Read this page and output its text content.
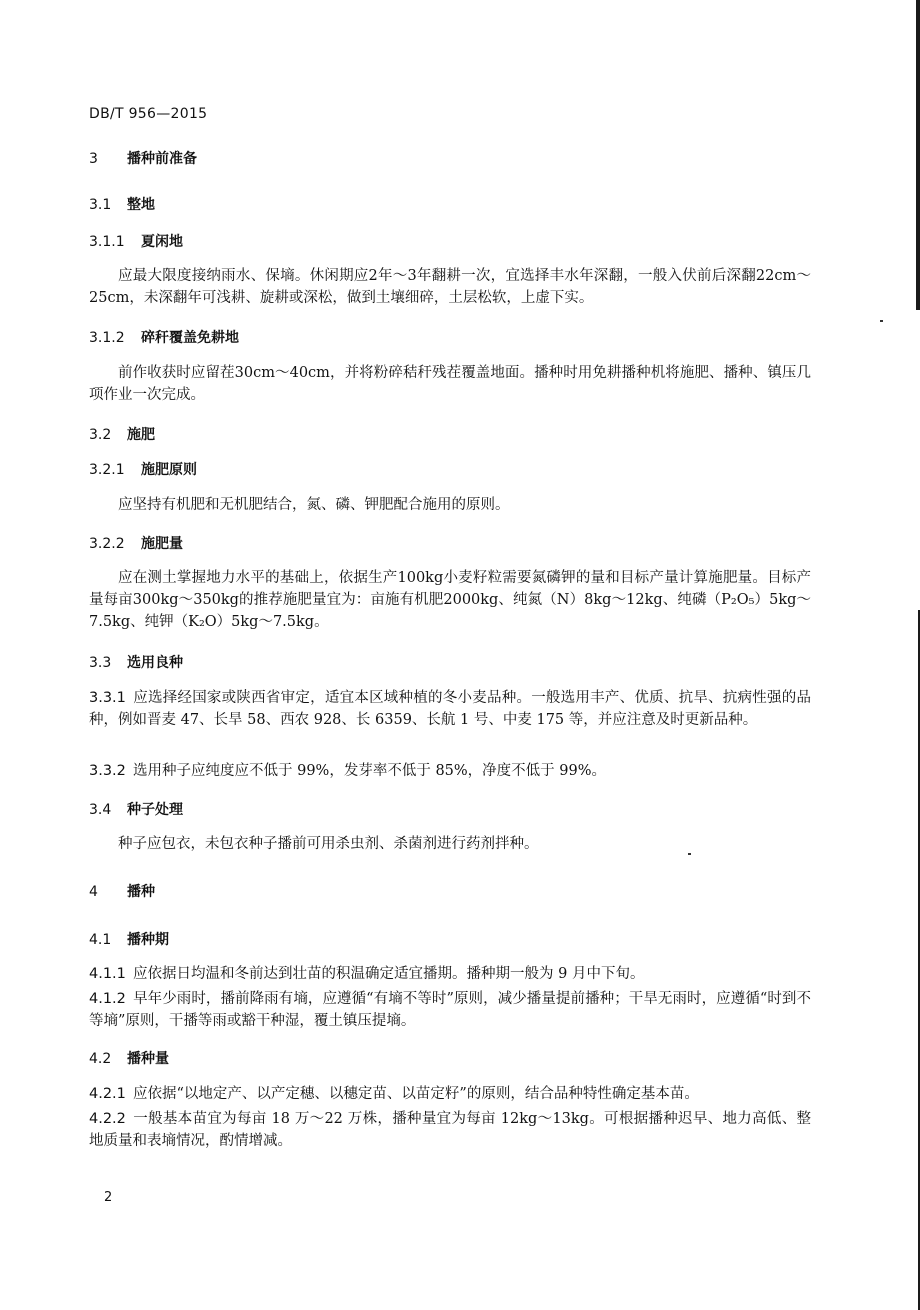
DB/T 956—2015
3 播种前准备
3.1 整地
3.1.1 夏闲地

应最大限度接纳雨水、保墒。休闲期应2年～3年翻耕一次，宜选择丰水年深翻，一般入伏前后深翻22cm～25cm，未深翻年可浅耕、旋耕或深松，做到土壤细碎，土层松软，上虚下实。

3.1.2 碎秆覆盖免耕地

前作收获时应留茬30cm～40cm，并将粉碎秸秆残茬覆盖地面。播种时用免耕播种机将施肥、播种、镇压几项作业一次完成。

3.2 施肥
3.2.1 施肥原则

应坚持有机肥和无机肥结合，氮、磷、钾肥配合施用的原则。

3.2.2 施肥量

应在测土掌握地力水平的基础上，依据生产100kg小麦籽粒需要氮磷钾的量和目标产量计算施肥量。目标产量每亩300kg～350kg的推荐施肥量宜为：亩施有机肥2000kg、纯氮（N）8kg～12kg、纯磷（P₂O₅）5kg～7.5kg、纯钾（K₂O）5kg～7.5kg。

3.3 选用良种

3.3.1 应选择经国家或陕西省审定，适宜本区域种植的冬小麦品种。一般选用丰产、优质、抗旱、抗病性强的品种，例如晋麦 47、长旱 58、西农 928、长 6359、长航 1 号、中麦 175 等，并应注意及时更新品种。

3.3.2 选用种子应纯度应不低于 99%，发芽率不低于 85%，净度不低于 99%。

3.4 种子处理

种子应包衣，未包衣种子播前可用杀虫剂、杀菌剂进行药剂拌种。

4 播种
4.1 播种期

4.1.1 应依据日均温和冬前达到壮苗的积温确定适宜播期。播种期一般为 9 月中下旬。

4.1.2 早年少雨时，播前降雨有墒，应遵循“有墒不等时”原则，减少播量提前播种；干旱无雨时，应遵循“时到不等墒”原则，干播等雨或豁干种湿，覆土镇压提墒。

4.2 播种量

4.2.1 应依据“以地定产、以产定穗、以穗定苗、以苗定籽”的原则，结合品种特性确定基本苗。

4.2.2 一般基本苗宜为每亩 18 万～22 万株，播种量宜为每亩 12kg～13kg。可根据播种迟早、地力高低、整地质量和表墒情况，酌情增减。

2
